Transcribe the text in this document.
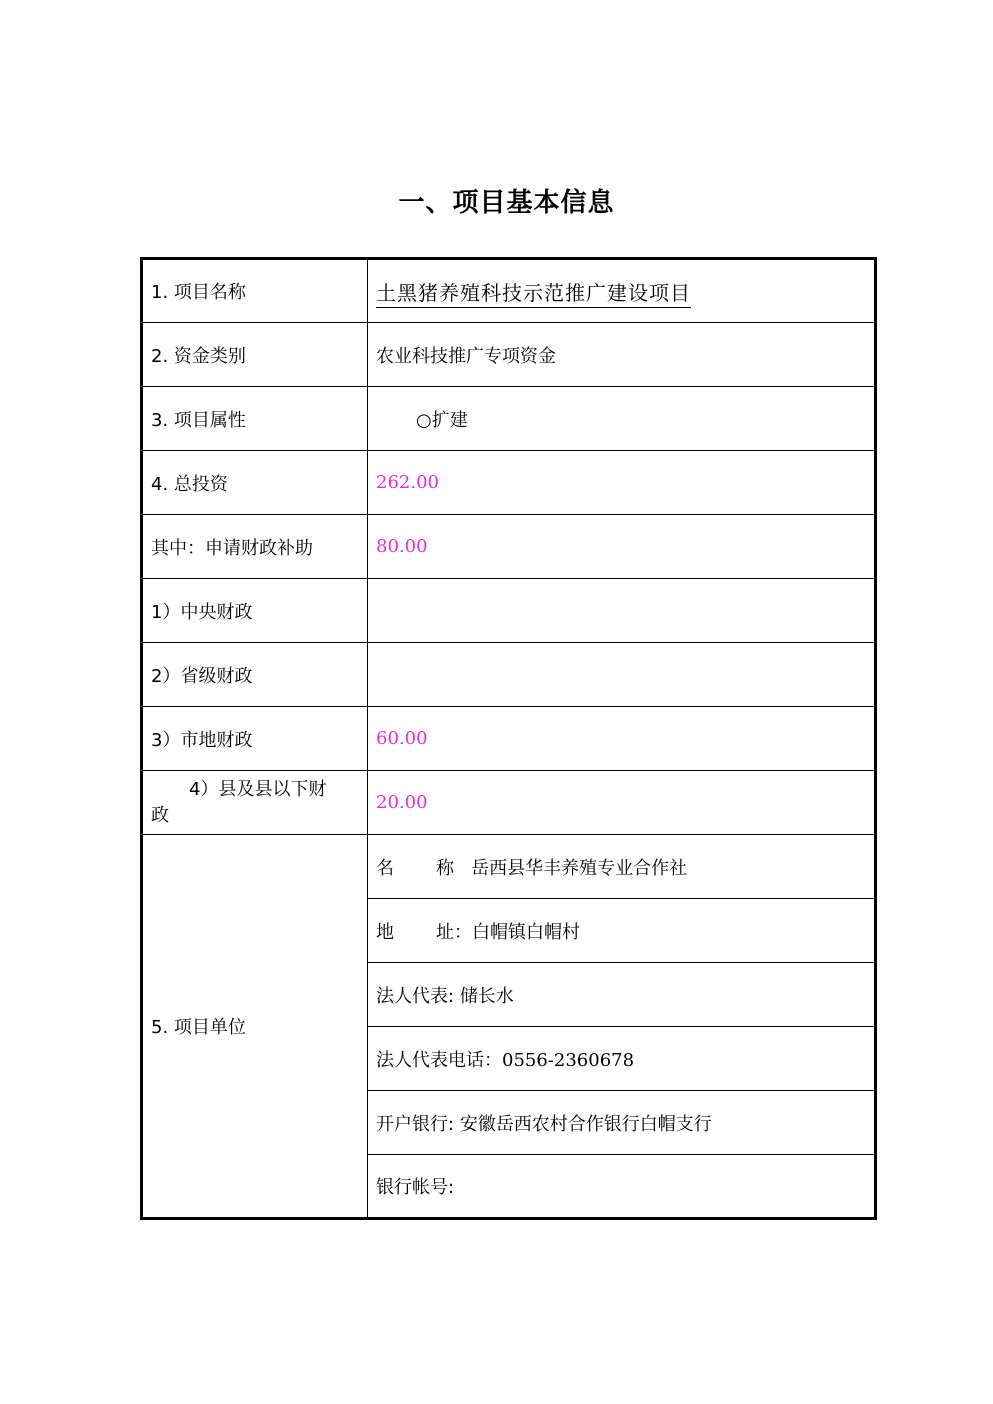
一、项目基本信息
1. 项目名称	土黑猪养殖科技示范推广建设项目
2. 资金类别	农业科技推广专项资金
3. 项目属性	○扩建
4. 总投资	262.00
其中：申请财政补助	80.00
1）中央财政	
2）省级财政	
3）市地财政	60.00

4）县及县以下财
政	20.00
5. 项目单位	名 称 岳西县华丰养殖专业合作社
	地 址：白帽镇白帽村
	法人代表: 储长水
	法人代表电话：0556-2360678
	开户银行: 安徽岳西农村合作银行白帽支行
	银行帐号:
